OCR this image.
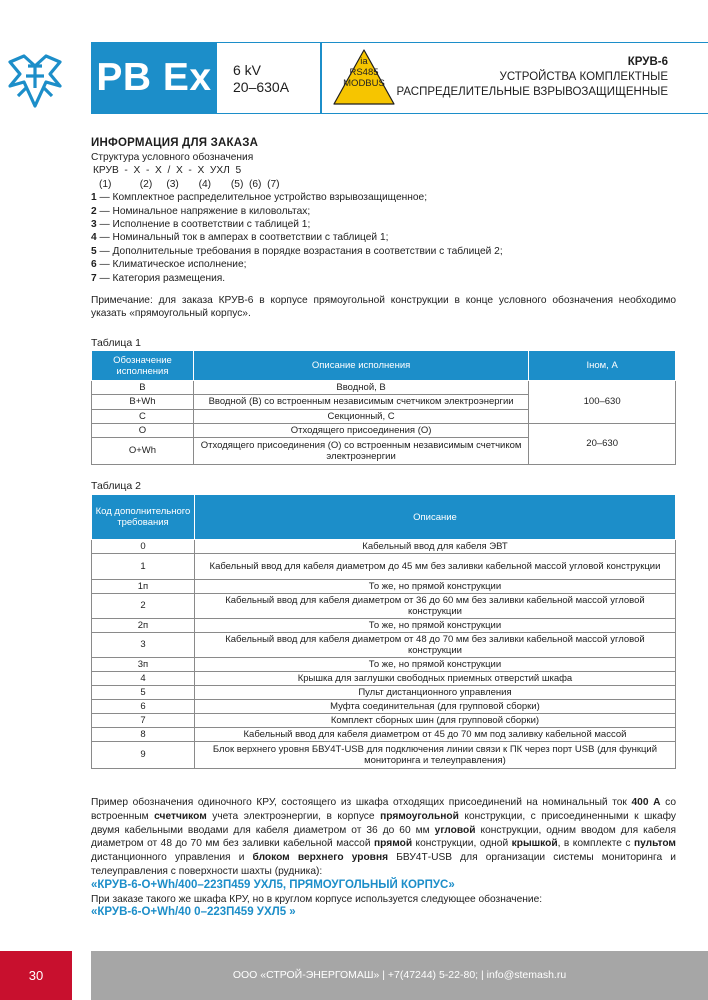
PB Ex	6 kV
20–630A
ia
RS485
MODBUS
КРУВ-6
УСТРОЙСТВА КОМПЛЕКТНЫЕ
РАСПРЕДЕЛИТЕЛЬНЫЕ ВЗРЫВОЗАЩИЩЕННЫЕ
ИНФОРМАЦИЯ ДЛЯ ЗАКАЗА
Структура условного обозначения
КРУВ  -  Х  -  Х  /  Х  -  Х  УХЛ  5
(1)          (2)     (3)       (4)       (5)  (6)  (7)
1 — Комплектное распределительное устройство взрывозащищенное;
2 — Номинальное напряжение в киловольтах;
3 — Исполнение в соответствии с таблицей 1;
4 — Номинальный ток в амперах в соответствии с таблицей 1;
5 — Дополнительные требования в порядке возрастания в соответствии с таблицей 2;
6 — Климатическое исполнение;
7 — Категория размещения.
Примечание: для заказа КРУВ-6 в корпусе прямоугольной конструкции в конце условного обозначения необходимо указать «прямоугольный корпус».
Таблица 1
Обозначение исполнения	Описание исполнения	Iном, А
В	Вводной, В	100–630
В+Wh	Вводной (В) со встроенным независимым счетчиком электроэнергии	
С	Секционный, С	
О	Отходящего присоединения (О)	20–630
О+Wh	Отходящего присоединения (О) со встроенным независимым счетчиком электроэнергии	
Таблица 2
Код дополнительного требования	Описание
0	Кабельный ввод для кабеля ЭВТ
1	Кабельный ввод для кабеля диаметром до 45 мм без заливки кабельной массой угловой конструкции
1п	То же, но прямой конструкции
2	Кабельный ввод для кабеля диаметром от 36 до 60 мм без заливки кабельной массой угловой конструкции
2п	То же, но прямой конструкции
3	Кабельный ввод для кабеля диаметром от 48 до 70 мм без заливки кабельной массой угловой конструкции
3п	То же, но прямой конструкции
4	Крышка для заглушки свободных приемных отверстий шкафа
5	Пульт дистанционного управления
6	Муфта соединительная (для групповой сборки)
7	Комплект сборных шин (для групповой сборки)
8	Кабельный ввод для кабеля диаметром от 45 до 70 мм под заливку кабельной массой
9	Блок верхнего уровня БВУ4Т-USB для подключения линии связи к ПК через порт USB (для функций мониторинга и телеуправления)
Пример обозначения одиночного КРУ, состоящего из шкафа отходящих присоединений на номинальный ток 400 А со встроенным счетчиком учета электроэнергии, в корпусе прямоугольной конструкции, с присоединенными к шкафу двумя кабельными вводами для кабеля диаметром от 36 до 60 мм угловой конструкции, одним вводом для кабеля диаметром от 48 до 70 мм без заливки кабельной массой прямой конструкции, одной крышкой, в комплекте с пультом дистанционного управления и блоком верхнего уровня БВУ4Т-USB для организации системы мониторинга и телеуправления с поверхности шахты (рудника):
«КРУВ-6-О+Wh/400–223П459 УХЛ5, ПРЯМОУГОЛЬНЫЙ КОРПУС»
При заказе такого же шкафа КРУ, но в круглом корпусе используется следующее обозначение:
«КРУВ-6-О+Wh/40 0–223П459 УХЛ5 »
30	ООО «СТРОЙ-ЭНЕРГОМАШ» | +7(47244) 5-22-80; | info@stemash.ru
